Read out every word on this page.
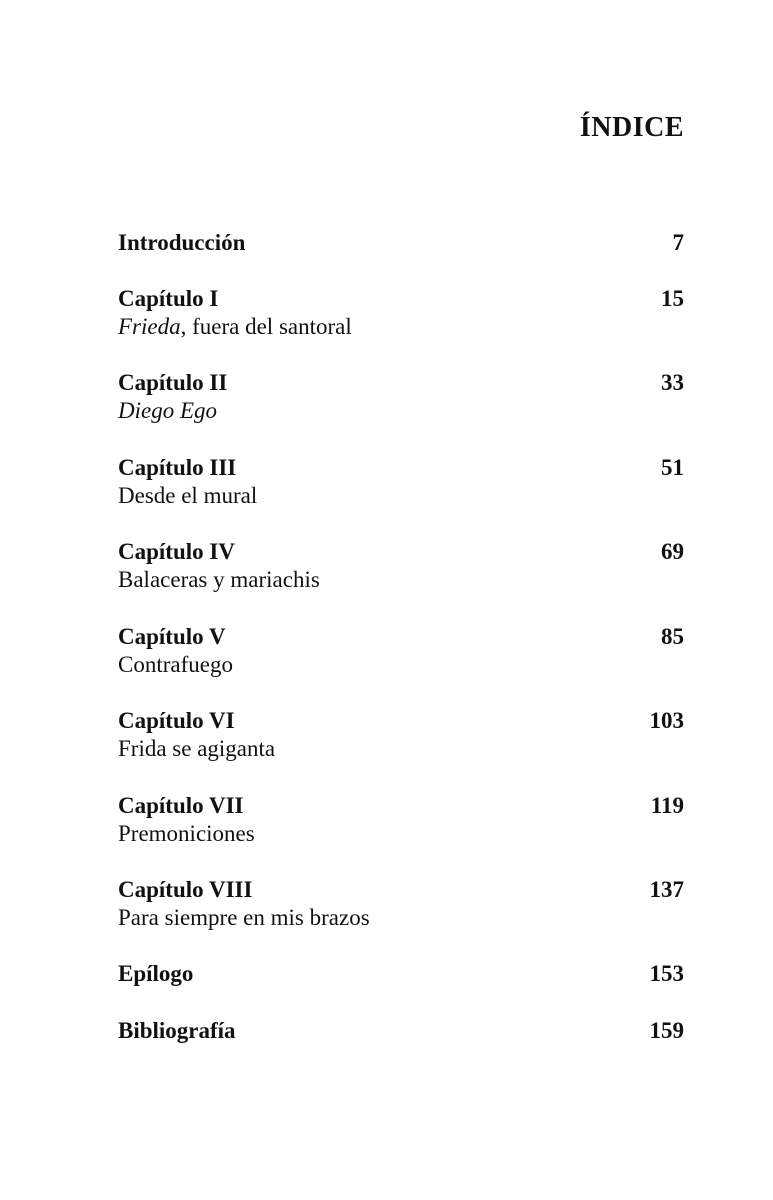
ÍNDICE
Introducción	7
Capítulo I	15
Frieda, fuera del santoral
Capítulo II	33
Diego Ego
Capítulo III	51
Desde el mural
Capítulo IV	69
Balaceras y mariachis
Capítulo V	85
Contrafuego
Capítulo VI	103
Frida se agiganta
Capítulo VII	119
Premoniciones
Capítulo VIII	137
Para siempre en mis brazos
Epílogo	153
Bibliografía	159
